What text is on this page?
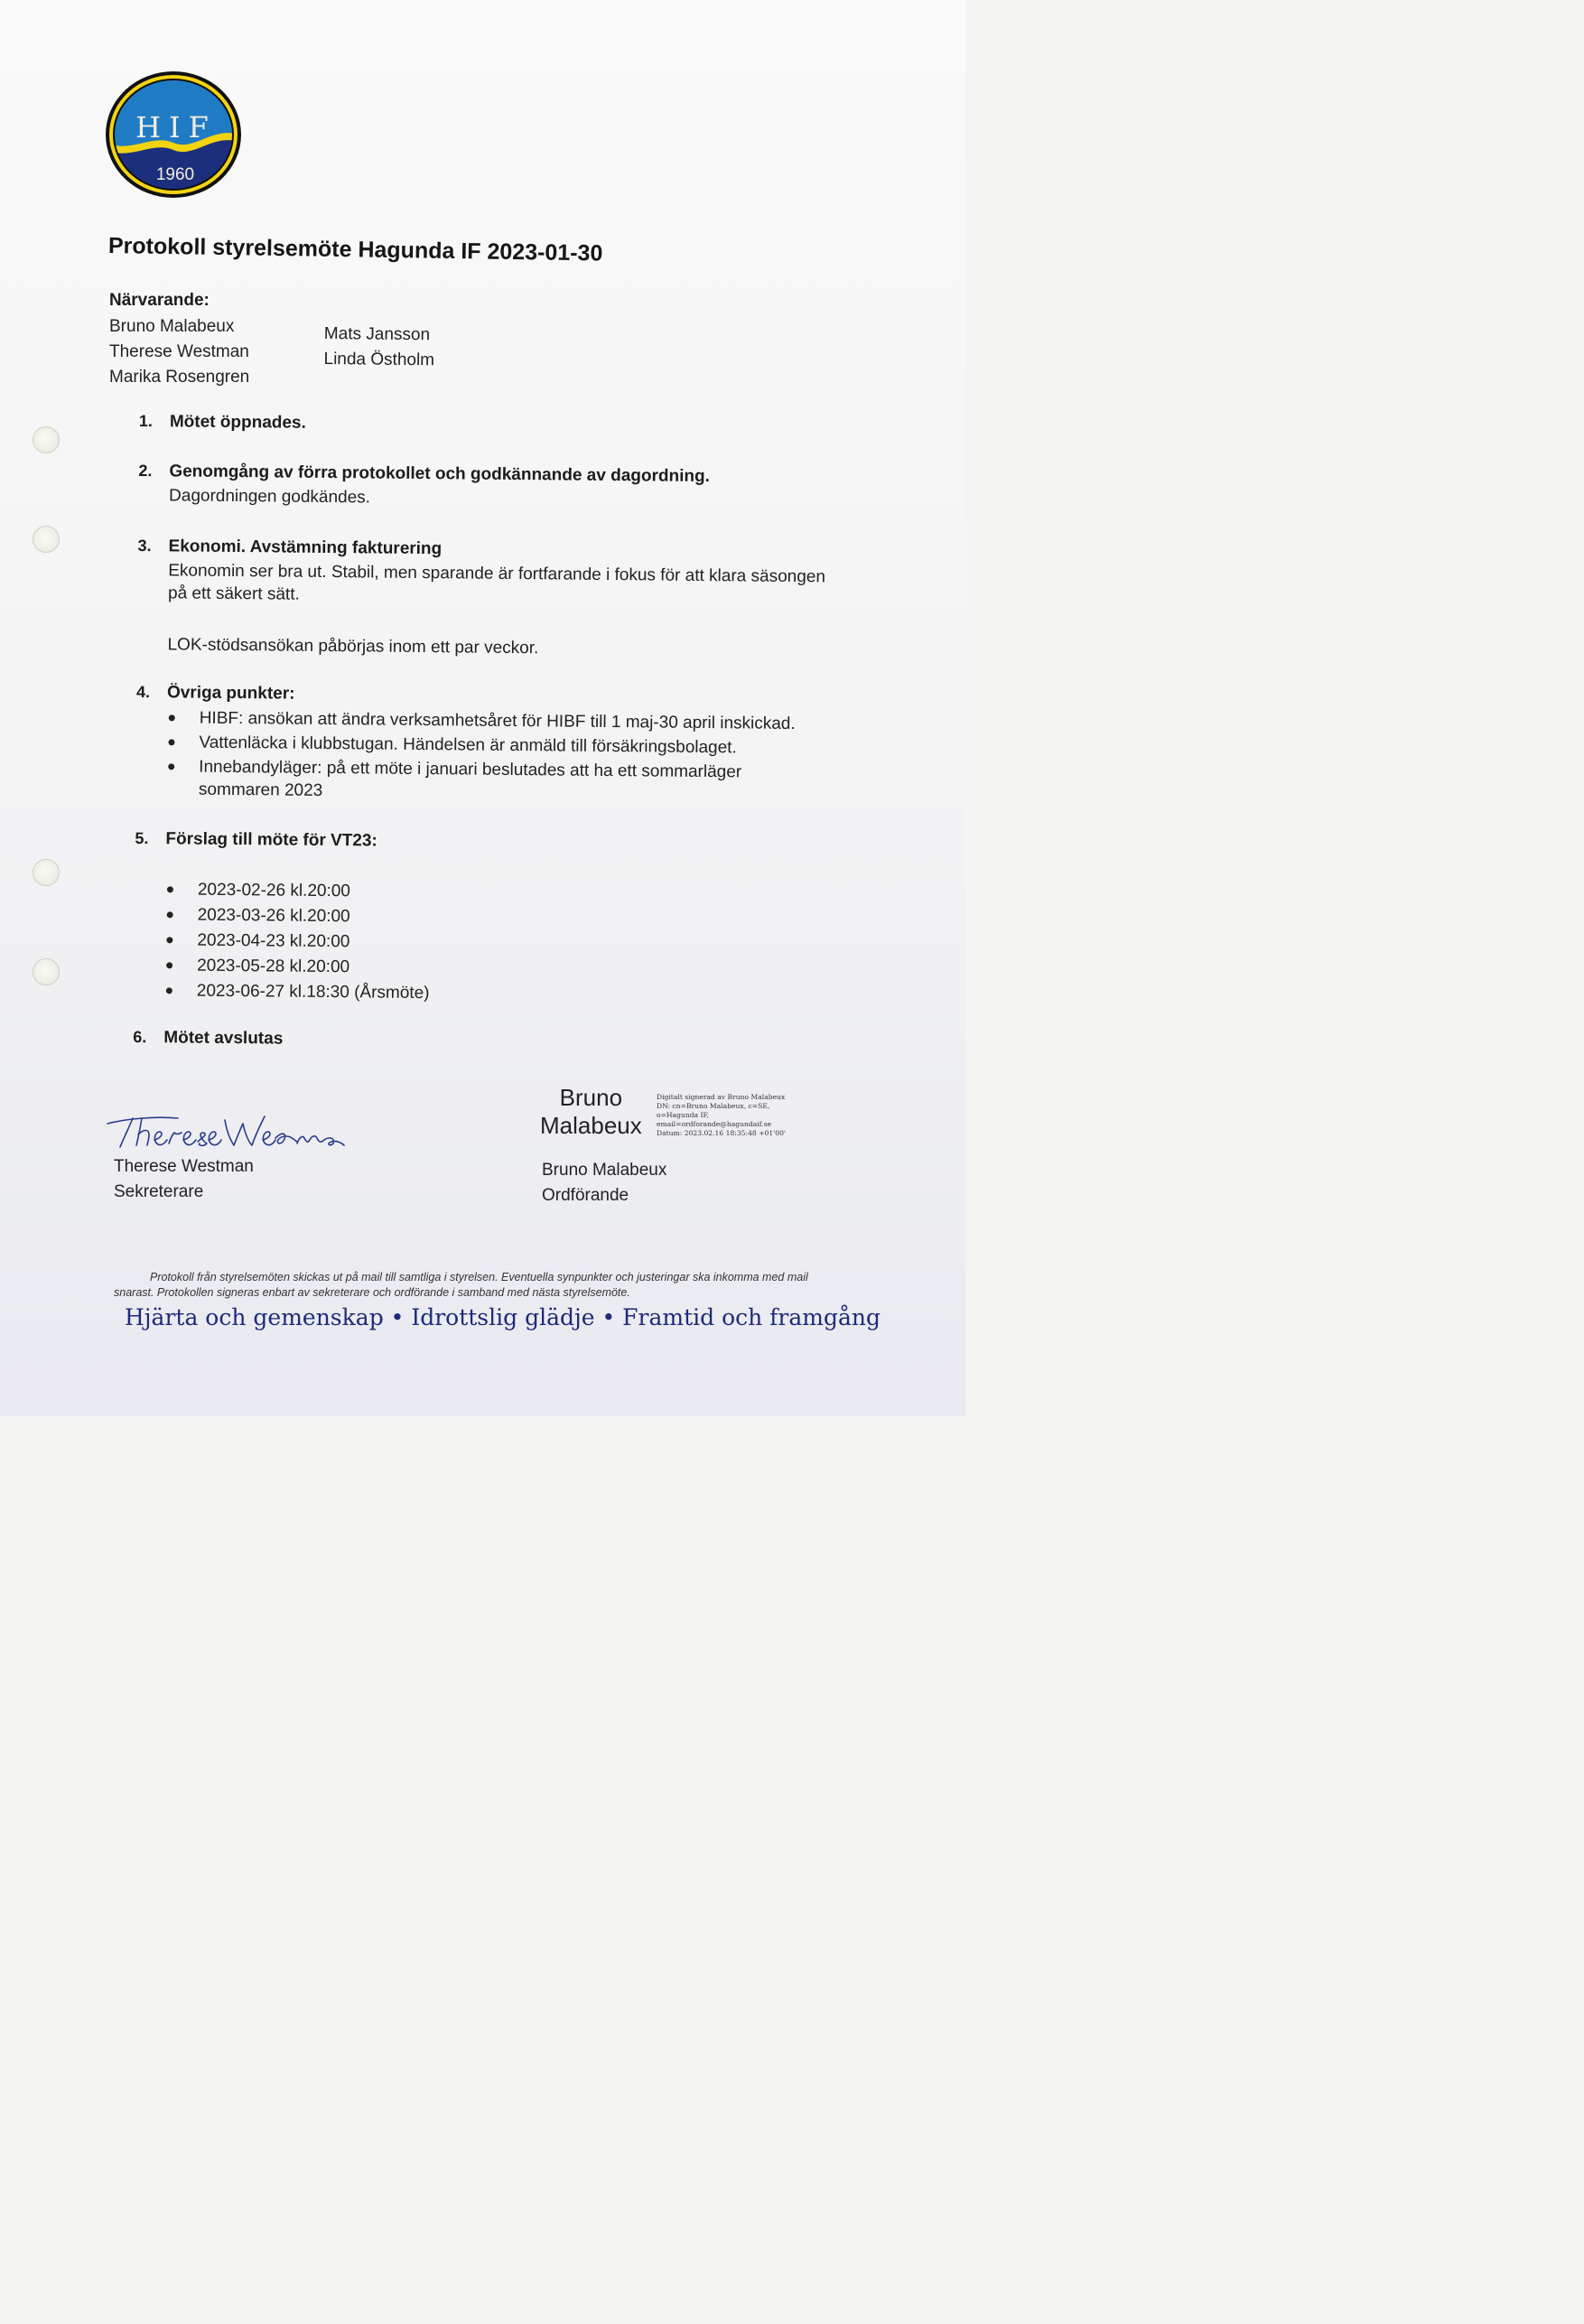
HIF
1960
Protokoll styrelsemöte Hagunda IF 2023-01-30
Närvarande:
Bruno Malabeux
Therese Westman
Marika Rosengren
Mats Jansson
Linda Östholm
1. Mötet öppnades.
2. Genomgång av förra protokollet och godkännande av dagordning.
Dagordningen godkändes.
3. Ekonomi. Avstämning fakturering
Ekonomin ser bra ut. Stabil, men sparande är fortfarande i fokus för att klara säsongen
på ett säkert sätt.
LOK-stödsansökan påbörjas inom ett par veckor.
4. Övriga punkter:
HIBF: ansökan att ändra verksamhetsåret för HIBF till 1 maj-30 april inskickad.
Vattenläcka i klubbstugan. Händelsen är anmäld till försäkringsbolaget.
Innebandyläger: på ett möte i januari beslutades att ha ett sommarläger
sommaren 2023
5. Förslag till möte för VT23:
2023-02-26 kl.20:00
2023-03-26 kl.20:00
2023-04-23 kl.20:00
2023-05-28 kl.20:00
2023-06-27 kl.18:30 (Årsmöte)
6. Mötet avslutas
Therese Westman
Sekreterare
Bruno
Malabeux
Digitalt signerad av Bruno Malabeux
DN: cn=Bruno Malabeux, c=SE,
o=Hagunda IF,
email=ordforande@hagundaif.se
Datum: 2023.02.16 18:35:48 +01'00'
Bruno Malabeux
Ordförande
Protokoll från styrelsemöten skickas ut på mail till samtliga i styrelsen. Eventuella synpunkter och justeringar ska inkomma med mail
snarast. Protokollen signeras enbart av sekreterare och ordförande i samband med nästa styrelsemöte.
Hjärta och gemenskap • Idrottslig glädje • Framtid och framgång
